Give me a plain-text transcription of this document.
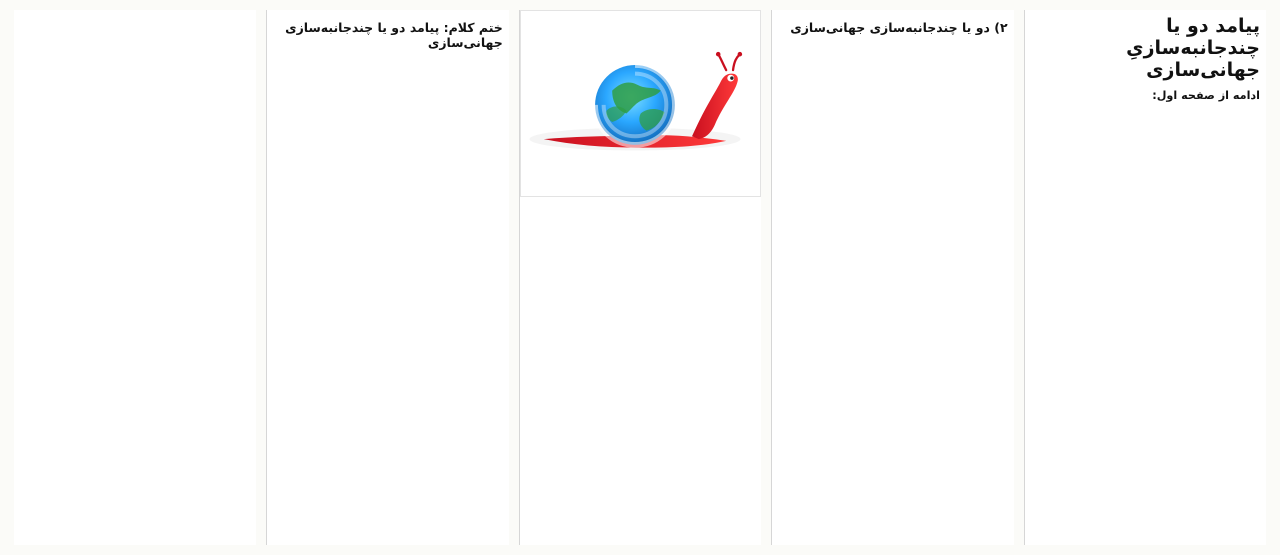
پیامد دو یا چندجانبه‌سازیِ جهانی‌سازی
ادامه از صفحه اول:
۲) دو یا چندجانبه‌سازی جهانی‌سازی

ختم کلام: پیامد دو یا چندجانبه‌سازی جهانی‌سازی
